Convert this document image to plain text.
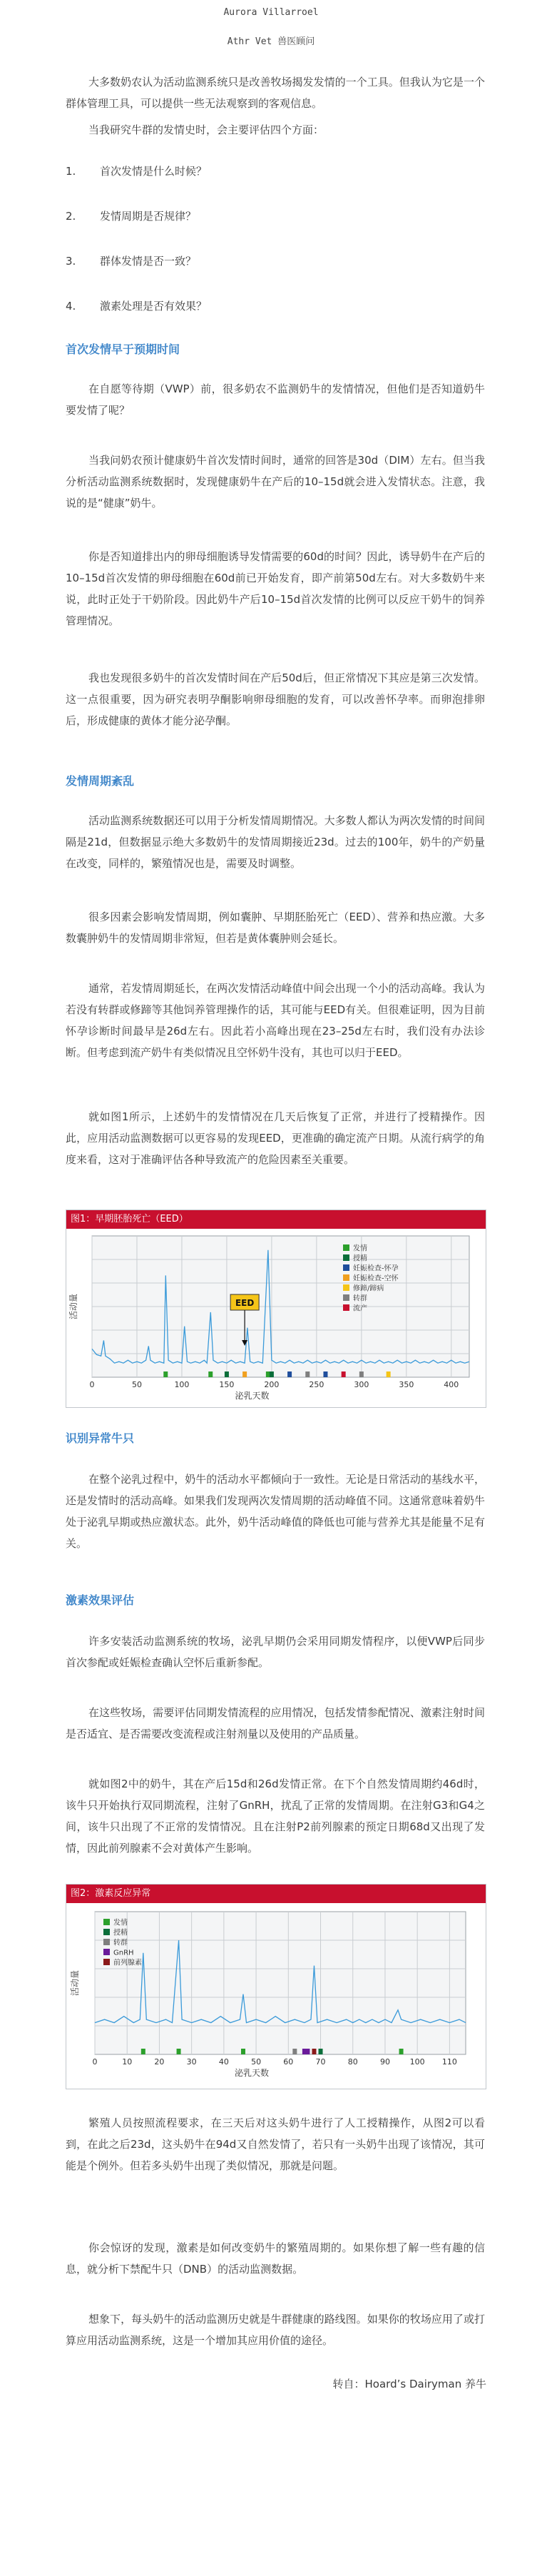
Aurora Villarroel
Athr Vet 兽医顾问

大多数奶农认为活动监测系统只是改善牧场揭发发情的一个工具。但我认为它是一个群体管理工具，可以提供一些无法观察到的客观信息。

当我研究牛群的发情史时，会主要评估四个方面：

1. 首次发情是什么时候？
2. 发情周期是否规律？
3. 群体发情是否一致？
4. 激素处理是否有效果？
首次发情早于预期时间

在自愿等待期（VWP）前，很多奶农不监测奶牛的发情情况，但他们是否知道奶牛要发情了呢？

当我问奶农预计健康奶牛首次发情时间时，通常的回答是30d（DIM）左右。但当我分析活动监测系统数据时，发现健康奶牛在产后的10–15d就会进入发情状态。注意，我说的是“健康”奶牛。

你是否知道排出内的卵母细胞诱导发情需要的60d的时间？因此，诱导奶牛在产后的10–15d首次发情的卵母细胞在60d前已开始发育，即产前第50d左右。对大多数奶牛来说，此时正处于干奶阶段。因此奶牛产后10–15d首次发情的比例可以反应干奶牛的饲养管理情况。

我也发现很多奶牛的首次发情时间在产后50d后，但正常情况下其应是第三次发情。这一点很重要，因为研究表明孕酮影响卵母细胞的发育，可以改善怀孕率。而卵泡排卵后，形成健康的黄体才能分泌孕酮。

发情周期紊乱

活动监测系统数据还可以用于分析发情周期情况。大多数人都认为两次发情的时间间隔是21d，但数据显示绝大多数奶牛的发情周期接近23d。过去的100年，奶牛的产奶量在改变，同样的，繁殖情况也是，需要及时调整。

很多因素会影响发情周期，例如囊肿、早期胚胎死亡（EED）、营养和热应激。大多数囊肿奶牛的发情周期非常短，但若是黄体囊肿则会延长。

通常，若发情周期延长，在两次发情活动峰值中间会出现一个小的活动高峰。我认为若没有转群或修蹄等其他饲养管理操作的话，其可能与EED有关。但很难证明，因为目前怀孕诊断时间最早是26d左右。因此若小高峰出现在23–25d左右时，我们没有办法诊断。但考虑到流产奶牛有类似情况且空怀奶牛没有，其也可以归于EED。

就如图1所示，上述奶牛的发情情况在几天后恢复了正常，并进行了授精操作。因此，应用活动监测数据可以更容易的发现EED，更准确的确定流产日期。从流行病学的角度来看，这对于准确评估各种导致流产的危险因素至关重要。

图1：早期胚胎死亡（EED）
0	50	100	150	200	250	300	350	400
活动量
泌乳天数
发情
授精
妊娠检查-怀孕
妊娠检查-空怀
修蹄/蹄病
转群
流产
EED
识别异常牛只

在整个泌乳过程中，奶牛的活动水平都倾向于一致性。无论是日常活动的基线水平，还是发情时的活动高峰。如果我们发现两次发情周期的活动峰值不同。这通常意味着奶牛处于泌乳早期或热应激状态。此外，奶牛活动峰值的降低也可能与营养尤其是能量不足有关。

激素效果评估

许多安装活动监测系统的牧场，泌乳早期仍会采用同期发情程序，以便VWP后同步首次参配或妊娠检查确认空怀后重新参配。

在这些牧场，需要评估同期发情流程的应用情况，包括发情参配情况、激素注射时间是否适宜、是否需要改变流程或注射剂量以及使用的产品质量。

就如图2中的奶牛，其在产后15d和26d发情正常。在下个自然发情周期约46d时，该牛只开始执行双同期流程，注射了GnRH，扰乱了正常的发情周期。在注射G3和G4之间，该牛只出现了不正常的发情情况。且在注射P2前列腺素的预定日期68d又出现了发情，因此前列腺素不会对黄体产生影响。

图2：激素反应异常
0	10	20	30	40	50	60	70	80	90	100 110
活动量
泌乳天数
发情
授精
转群
GnRH
前列腺素

繁殖人员按照流程要求，在三天后对这头奶牛进行了人工授精操作，从图2可以看到，在此之后23d，这头奶牛在94d又自然发情了，若只有一头奶牛出现了该情况，其可能是个例外。但若多头奶牛出现了类似情况，那就是问题。

你会惊讶的发现，激素是如何改变奶牛的繁殖周期的。如果你想了解一些有趣的信息，就分析下禁配牛只（DNB）的活动监测数据。

想象下，每头奶牛的活动监测历史就是牛群健康的路线图。如果你的牧场应用了或打算应用活动监测系统，这是一个增加其应用价值的途径。

转自：Hoard’s Dairyman 养牛
